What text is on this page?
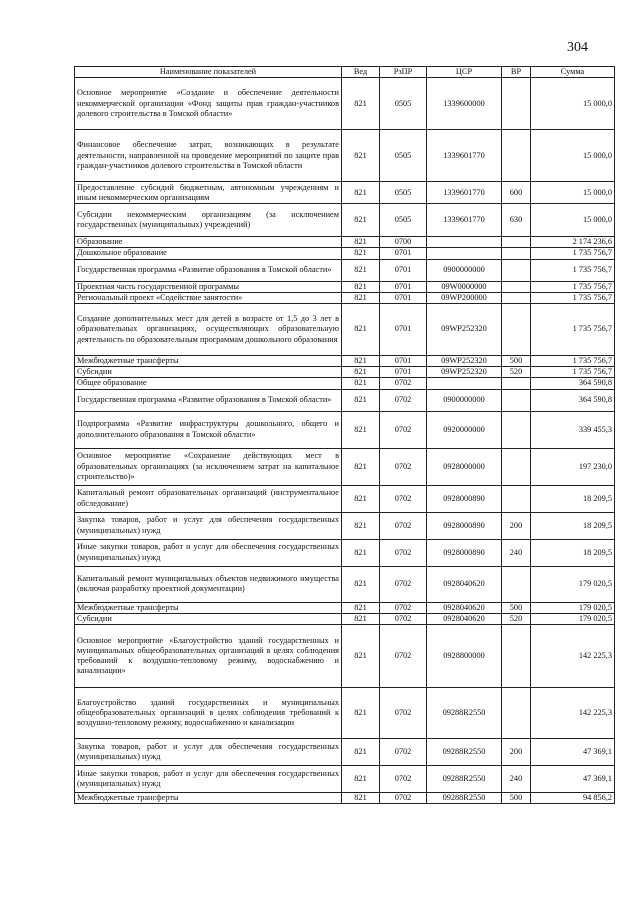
304
Наименование показателей	Вед	РзПР	ЦСР	ВР	Сумма
Основное мероприятие «Создание и обеспечение деятельности некоммерческой организации «Фонд защиты прав граждан-участников долевого строительства в Томской области»	821	0505	1339600000		15 000,0
Финансовое обеспечение затрат, возникающих в результате деятельности, направленной на проведение мероприятий по защите прав граждан-участников долевого строительства в Томской области	821	0505	1339601770		15 000,0
Предоставление субсидий бюджетным, автономным учреждениям и иным некоммерческим организациям	821	0505	1339601770	600	15 000,0
Субсидии некоммерческим организациям (за исключением государственных (муниципальных) учреждений)	821	0505	1339601770	630	15 000,0
Образование	821	0700			2 174 236,6
Дошкольное образование	821	0701			1 735 756,7
Государственная программа «Развитие образования в Томской области»	821	0701	0900000000		1 735 756,7
Проектная часть государственной программы	821	0701	09W0000000		1 735 756,7
Региональный проект «Содействие занятости»	821	0701	09WP200000		1 735 756,7
Создание дополнительных мест для детей в возрасте от 1,5 до 3 лет в образовательных организациях, осуществляющих образовательную деятельность по образовательным программам дошкольного образования	821	0701	09WP252320		1 735 756,7
Межбюджетные трансферты	821	0701	09WP252320	500	1 735 756,7
Субсидии	821	0701	09WP252320	520	1 735 756,7
Общее образование	821	0702			364 590,8
Государственная программа «Развитие образования в Томской области»	821	0702	0900000000		364 590,8
Подпрограмма «Развитие инфраструктуры дошкольного, общего и дополнительного образования в Томской области»	821	0702	0920000000		339 455,3
Основное мероприятие «Сохранение действующих мест в образовательных организациях (за исключением затрат на капитальное строительство)»	821	0702	0928000000		197 230,0
Капитальный ремонт образовательных организаций (инструментальное обследование)	821	0702	0928000890		18 209,5
Закупка товаров, работ и услуг для обеспечения государственных (муниципальных) нужд	821	0702	0928000890	200	18 209,5
Иные закупки товаров, работ и услуг для обеспечения государственных (муниципальных) нужд	821	0702	0928000890	240	18 209,5
Капитальный ремонт муниципальных объектов недвижимого имущества (включая разработку проектной документации)	821	0702	0928040620		179 020,5
Межбюджетные трансферты	821	0702	0928040620	500	179 020,5
Субсидии	821	0702	0928040620	520	179 020,5
Основное мероприятие «Благоустройство зданий государственных и муниципальных общеобразовательных организаций в целях соблюдения требований к воздушно-тепловому режиму, водоснабжению и канализации»	821	0702	0928800000		142 225,3
Благоустройство зданий государственных и муниципальных общеобразовательных организаций в целях соблюдения требований к воздушно-тепловому режиму, водоснабжению и канализации	821	0702	09288R2550		142 225,3
Закупка товаров, работ и услуг для обеспечения государственных (муниципальных) нужд	821	0702	09288R2550	200	47 369,1
Иные закупки товаров, работ и услуг для обеспечения государственных (муниципальных) нужд	821	0702	09288R2550	240	47 369,1
Межбюджетные трансферты	821	0702	09288R2550	500	94 856,2
